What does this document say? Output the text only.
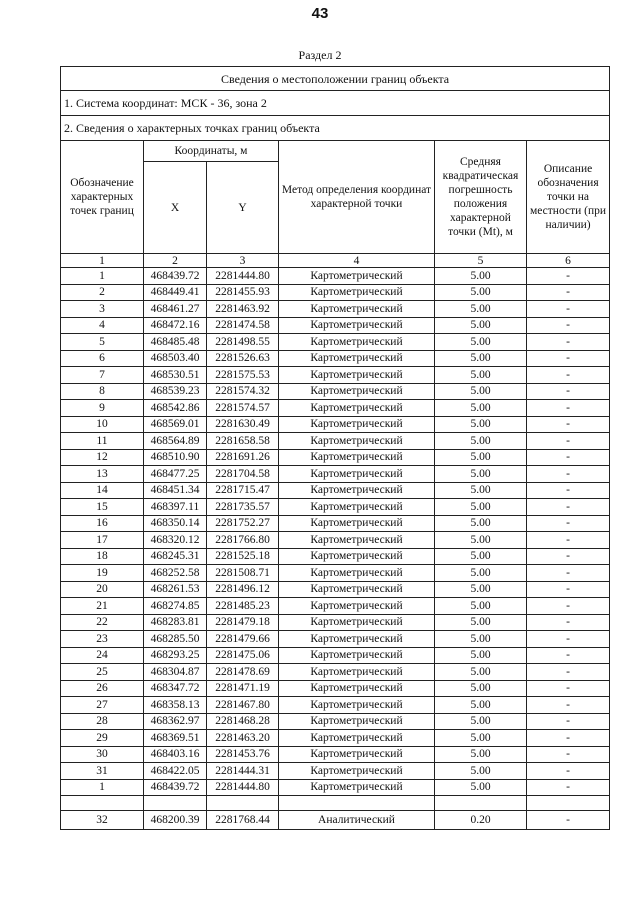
43
Раздел 2
Сведения о местоположении границ объекта					
1. Система координат: МСК - 36, зона 2					
2. Сведения о характерных точках границ объекта					
Обозначение характерных точек границ	Координаты, м		Метод определения координат характерной точки	Средняя квадратическая погрешность положения характерной точки (Mt), м	Описание обозначения точки на местности (при наличии)
	X	Y			
1	2	3	4	5	6
1	468439.72	2281444.80	Картометрический	5.00	-
2	468449.41	2281455.93	Картометрический	5.00	-
3	468461.27	2281463.92	Картометрический	5.00	-
4	468472.16	2281474.58	Картометрический	5.00	-
5	468485.48	2281498.55	Картометрический	5.00	-
6	468503.40	2281526.63	Картометрический	5.00	-
7	468530.51	2281575.53	Картометрический	5.00	-
8	468539.23	2281574.32	Картометрический	5.00	-
9	468542.86	2281574.57	Картометрический	5.00	-
10	468569.01	2281630.49	Картометрический	5.00	-
11	468564.89	2281658.58	Картометрический	5.00	-
12	468510.90	2281691.26	Картометрический	5.00	-
13	468477.25	2281704.58	Картометрический	5.00	-
14	468451.34	2281715.47	Картометрический	5.00	-
15	468397.11	2281735.57	Картометрический	5.00	-
16	468350.14	2281752.27	Картометрический	5.00	-
17	468320.12	2281766.80	Картометрический	5.00	-
18	468245.31	2281525.18	Картометрический	5.00	-
19	468252.58	2281508.71	Картометрический	5.00	-
20	468261.53	2281496.12	Картометрический	5.00	-
21	468274.85	2281485.23	Картометрический	5.00	-
22	468283.81	2281479.18	Картометрический	5.00	-
23	468285.50	2281479.66	Картометрический	5.00	-
24	468293.25	2281475.06	Картометрический	5.00	-
25	468304.87	2281478.69	Картометрический	5.00	-
26	468347.72	2281471.19	Картометрический	5.00	-
27	468358.13	2281467.80	Картометрический	5.00	-
28	468362.97	2281468.28	Картометрический	5.00	-
29	468369.51	2281463.20	Картометрический	5.00	-
30	468403.16	2281453.76	Картометрический	5.00	-
31	468422.05	2281444.31	Картометрический	5.00	-
1	468439.72	2281444.80	Картометрический	5.00	-

32	468200.39	2281768.44	Аналитический	0.20	-
